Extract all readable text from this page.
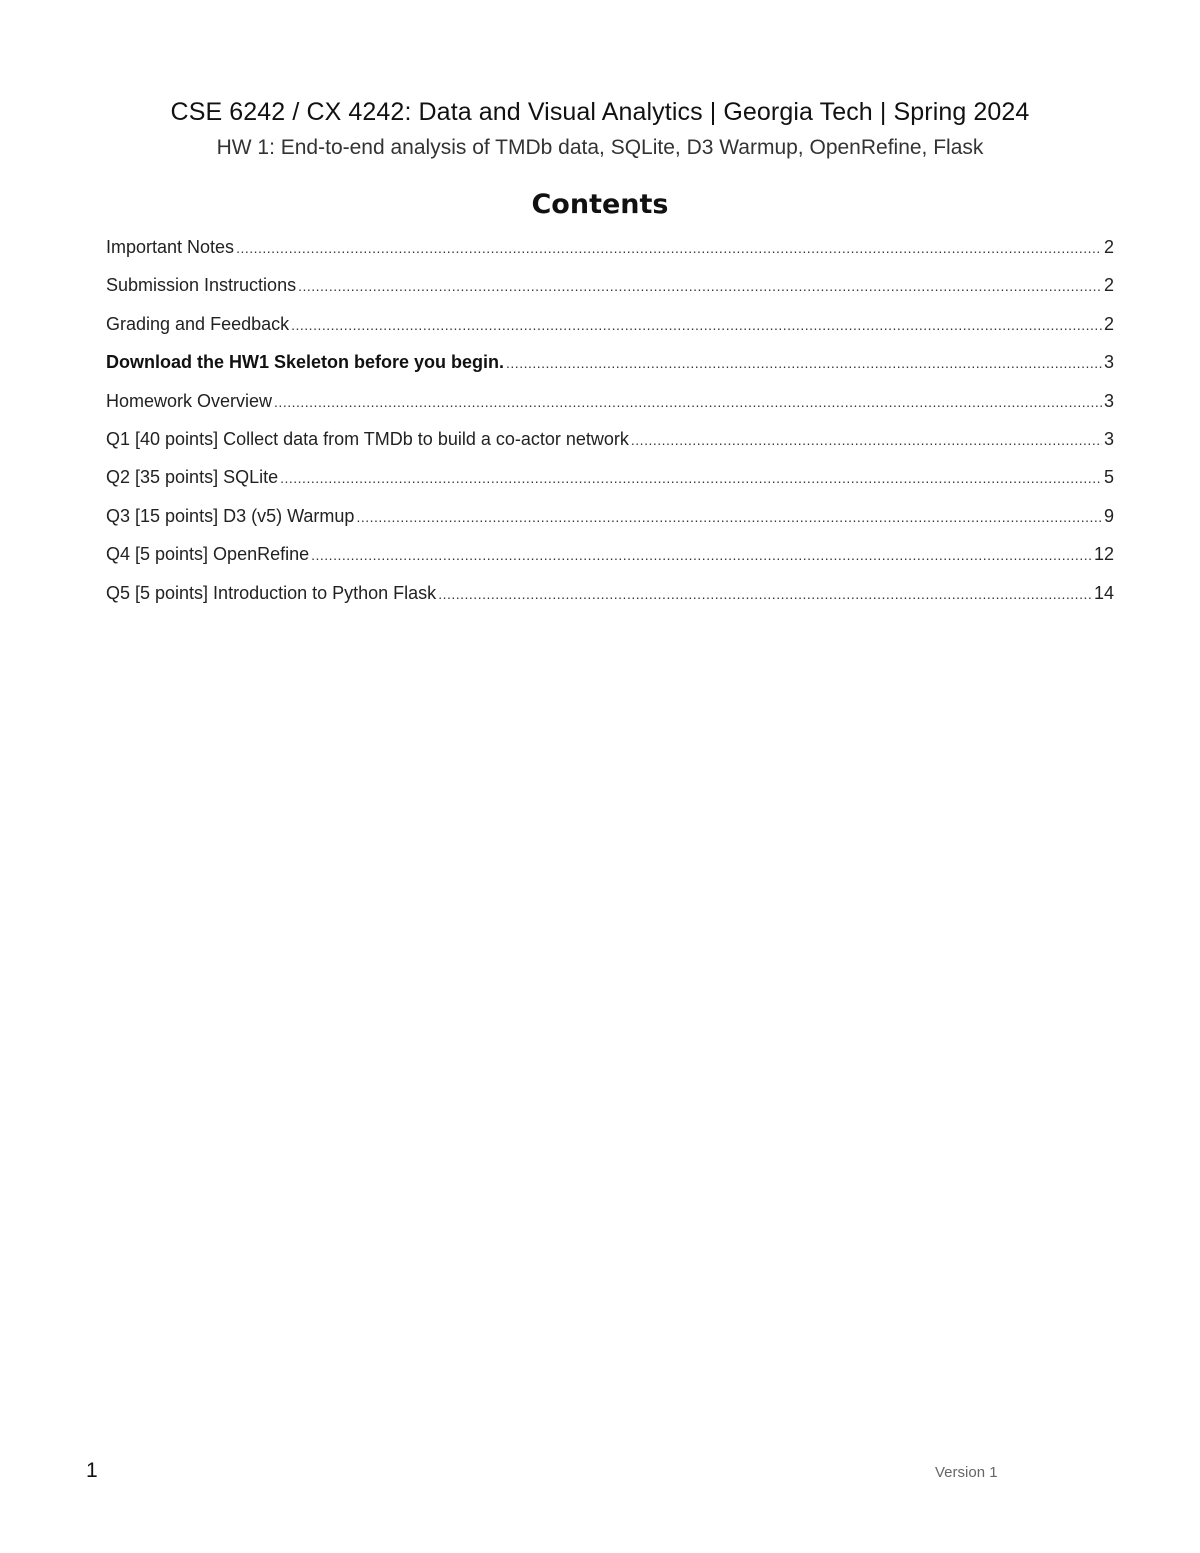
CSE 6242 / CX 4242: Data and Visual Analytics | Georgia Tech | Spring 2024

HW 1: End-to-end analysis of TMDb data, SQLite, D3 Warmup, OpenRefine, Flask

Contents
Important Notes .....	2
Submission Instructions .....	2
Grading and Feedback .....	2
Download the HW1 Skeleton before you begin. .....	3
Homework Overview .....	3
Q1 [40 points] Collect data from TMDb to build a co-actor network .....	3
Q2 [35 points] SQLite .....	5
Q3 [15 points] D3 (v5) Warmup .....	9
Q4 [5 points] OpenRefine .....	12
Q5 [5 points] Introduction to Python Flask .....	14
1	Version 1
